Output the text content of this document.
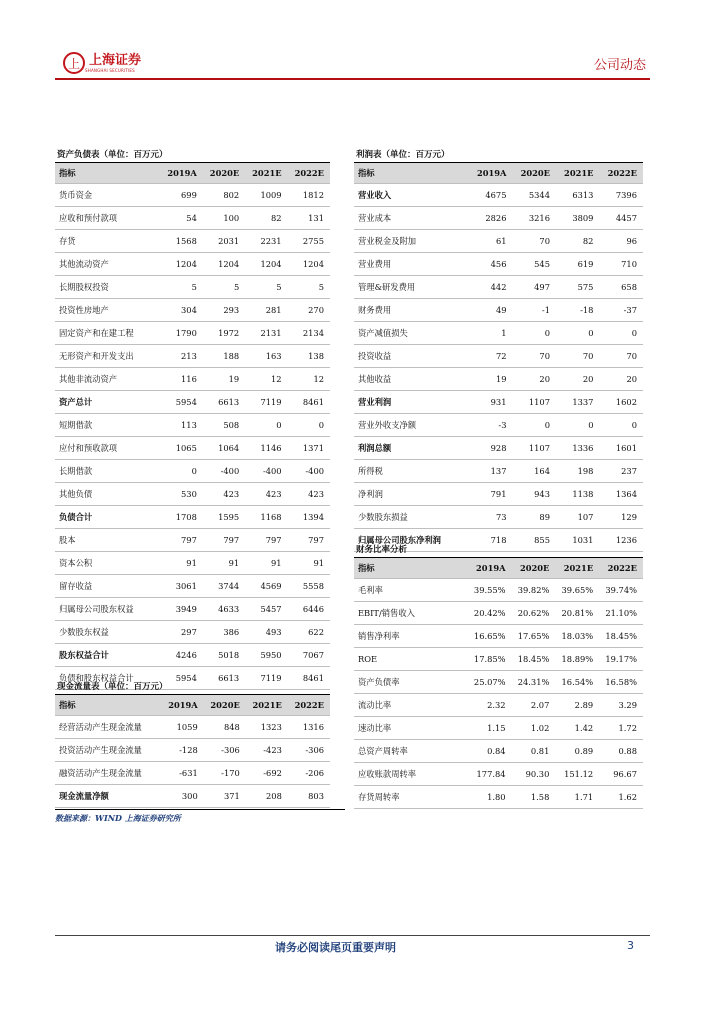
上 上海证券
SHANGHAI SECURITIES	公司动态
资产负债表（单位：百万元）				
指标	2019A	2020E	2021E	2022E
货币资金	699	802	1009	1812
应收和预付款项	54	100	82	131
存货	1568	2031	2231	2755
其他流动资产	1204	1204	1204	1204
长期股权投资	5	5	5	5
投资性房地产	304	293	281	270
固定资产和在建工程	1790	1972	2131	2134
无形资产和开发支出	213	188	163	138
其他非流动资产	116	19	12	12
资产总计	5954	6613	7119	8461
短期借款	113	508	0	0
应付和预收款项	1065	1064	1146	1371
长期借款	0	-400	-400	-400
其他负债	530	423	423	423
负债合计	1708	1595	1168	1394
股本	797	797	797	797
资本公积	91	91	91	91
留存收益	3061	3744	4569	5558
归属母公司股东权益	3949	4633	5457	6446
少数股东权益	297	386	493	622
股东权益合计	4246	5018	5950	7067
负债和股东权益合计	5954	6613	7119	8461
现金流量表（单位：百万元）				
指标	2019A	2020E	2021E	2022E
经营活动产生现金流量	1059	848	1323	1316
投资活动产生现金流量	-128	-306	-423	-306
融资活动产生现金流量	-631	-170	-692	-206
现金流量净额	300	371	208	803
利润表（单位：百万元）				
指标	2019A	2020E	2021E	2022E
营业收入	4675	5344	6313	7396
营业成本	2826	3216	3809	4457
营业税金及附加	61	70	82	96
营业费用	456	545	619	710
管理&研发费用	442	497	575	658
财务费用	49	-1	-18	-37
资产减值损失	1	0	0	0
投资收益	72	70	70	70
其他收益	19	20	20	20
营业利润	931	1107	1337	1602
营业外收支净额	-3	0	0	0
利润总额	928	1107	1336	1601
所得税	137	164	198	237
净利润	791	943	1138	1364
少数股东损益	73	89	107	129
归属母公司股东净利润	718	855	1031	1236
财务比率分析				
指标	2019A	2020E	2021E	2022E
毛利率	39.55%	39.82%	39.65%	39.74%
EBIT/销售收入	20.42%	20.62%	20.81%	21.10%
销售净利率	16.65%	17.65%	18.03%	18.45%
ROE	17.85%	18.45%	18.89%	19.17%
资产负债率	25.07%	24.31%	16.54%	16.58%
流动比率	2.32	2.07	2.89	3.29
速动比率	1.15	1.02	1.42	1.72
总资产周转率	0.84	0.81	0.89	0.88
应收账款周转率	177.84	90.30	151.12	96.67
存货周转率	1.80	1.58	1.71	1.62
数据来源：WIND 上海证券研究所
请务必阅读尾页重要声明	3
